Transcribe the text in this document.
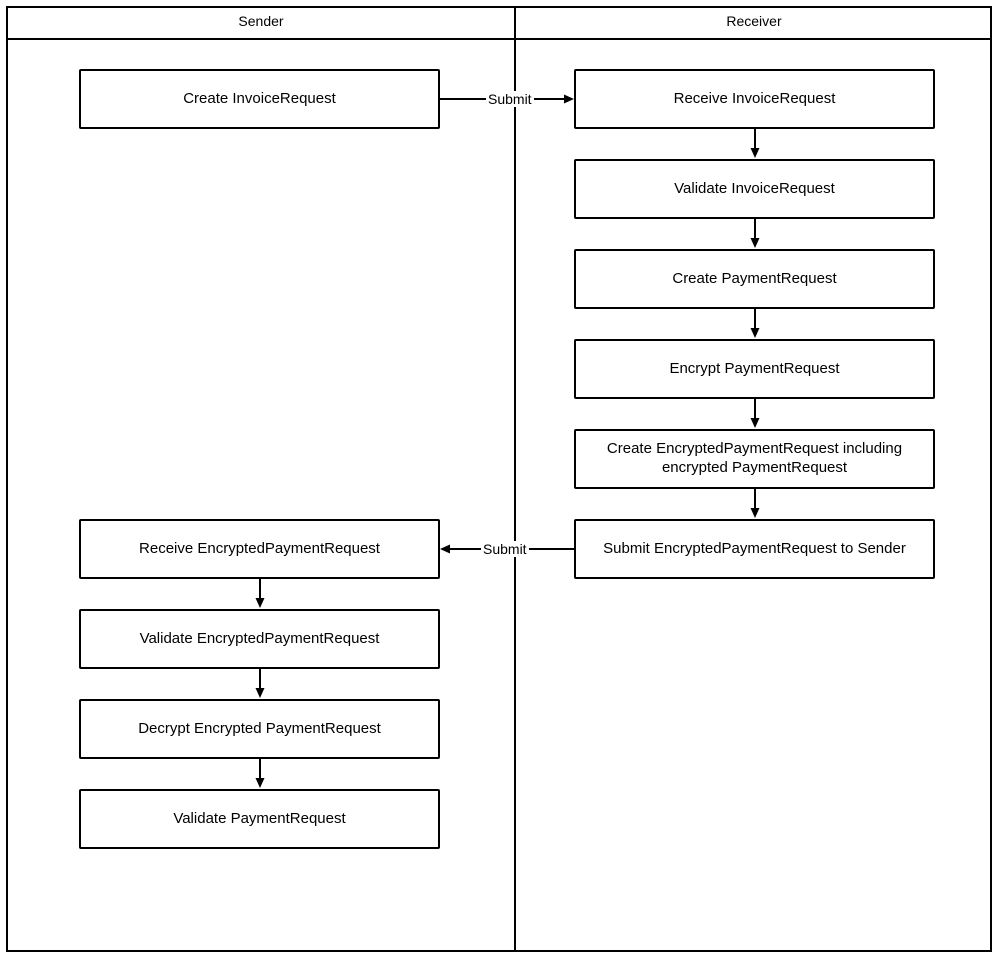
Sender	Receiver
Create InvoiceRequest
Receive EncryptedPaymentRequest
Validate EncryptedPaymentRequest
Decrypt Encrypted PaymentRequest
Validate PaymentRequest
Receive InvoiceRequest
Validate InvoiceRequest
Create PaymentRequest
Encrypt PaymentRequest
Create EncryptedPaymentRequest including encrypted PaymentRequest
Submit EncryptedPaymentRequest to Sender
Submit
Submit
